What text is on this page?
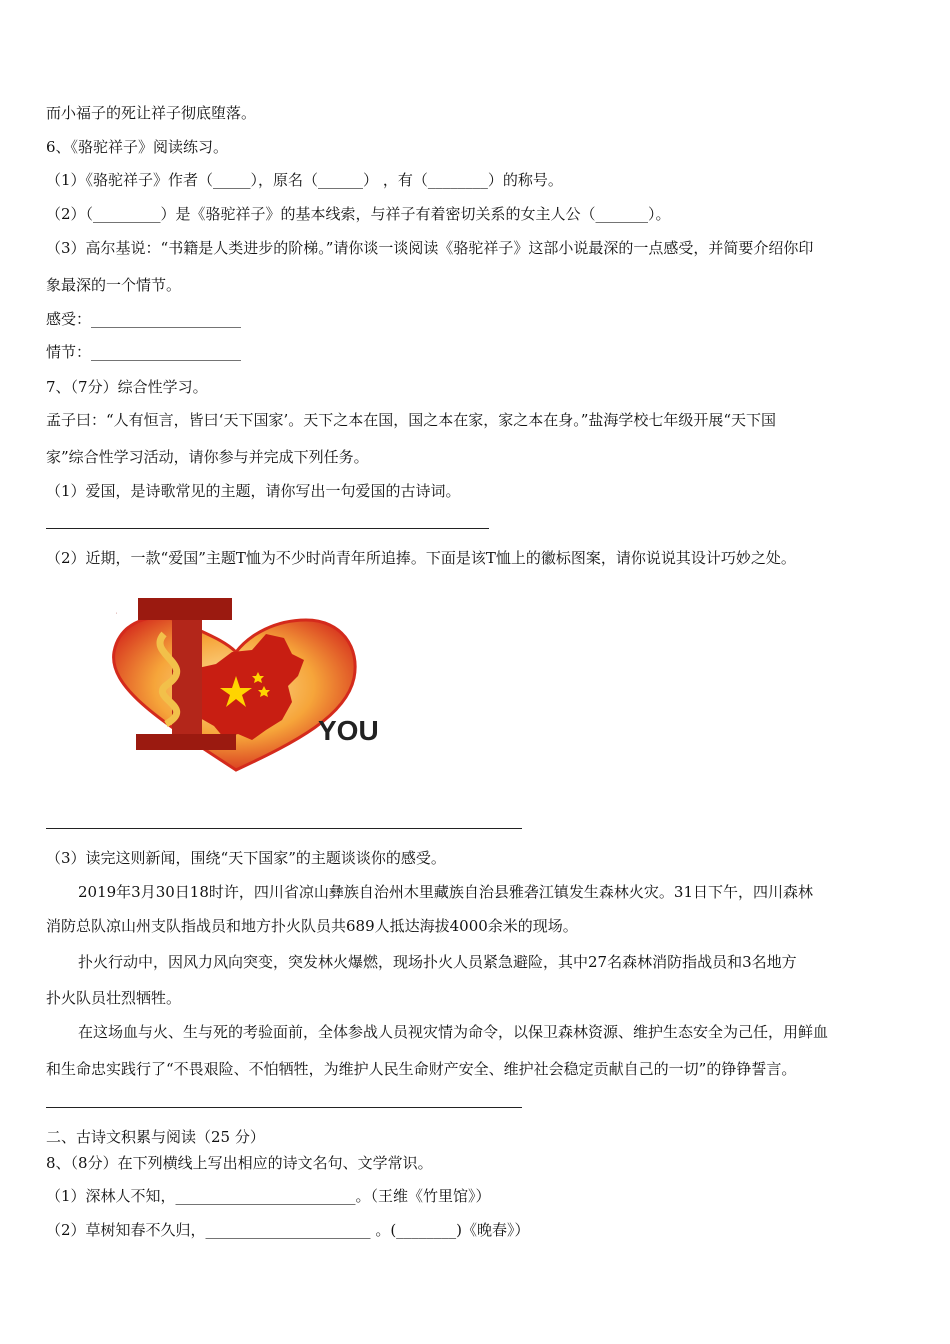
而小福子的死让祥子彻底堕落。
6、《骆驼祥子》阅读练习。
（1）《骆驼祥子》作者（_____），原名（______） ，有（________）的称号。
（2）（_________）是《骆驼祥子》的基本线索，与祥子有着密切关系的女主人公（_______）。
（3）高尔基说：“书籍是人类进步的阶梯。”请你谈一谈阅读《骆驼祥子》这部小说最深的一点感受，并简要介绍你印
象最深的一个情节。
感受：____________________
情节：____________________
7、（7分）综合性学习。
孟子曰：“人有恒言，皆曰‘天下国家’。天下之本在国，国之本在家，家之本在身。”盐海学校七年级开展“天下国
家”综合性学习活动，请你参与并完成下列任务。
（1）爱国，是诗歌常见的主题，请你写出一句爱国的古诗词。
（2）近期，一款“爱国”主题T恤为不少时尚青年所追捧。下面是该T恤上的徽标图案，请你说说其设计巧妙之处。
I
YOU
（3）读完这则新闻，围绕“天下国家”的主题谈谈你的感受。
2019年3月30日18时许，四川省凉山彝族自治州木里藏族自治县雅砻江镇发生森林火灾。31日下午，四川森林
消防总队凉山州支队指战员和地方扑火队员共689人抵达海拔4000余米的现场。
扑火行动中，因风力风向突变，突发林火爆燃，现场扑火人员紧急避险，其中27名森林消防指战员和3名地方
扑火队员壮烈牺牲。
在这场血与火、生与死的考验面前，全体参战人员视灾情为命令，以保卫森林资源、维护生态安全为己任，用鲜血
和生命忠实践行了“不畏艰险、不怕牺牲，为维护人民生命财产安全、维护社会稳定贡献自己的一切”的铮铮誓言。
二、古诗文积累与阅读（25 分）
8、（8分）在下列横线上写出相应的诗文名句、文学常识。
（1）深林人不知，________________________。（王维《竹里馆》）
（2）草树知春不久归，______________________ 。(________)《晚春》）
